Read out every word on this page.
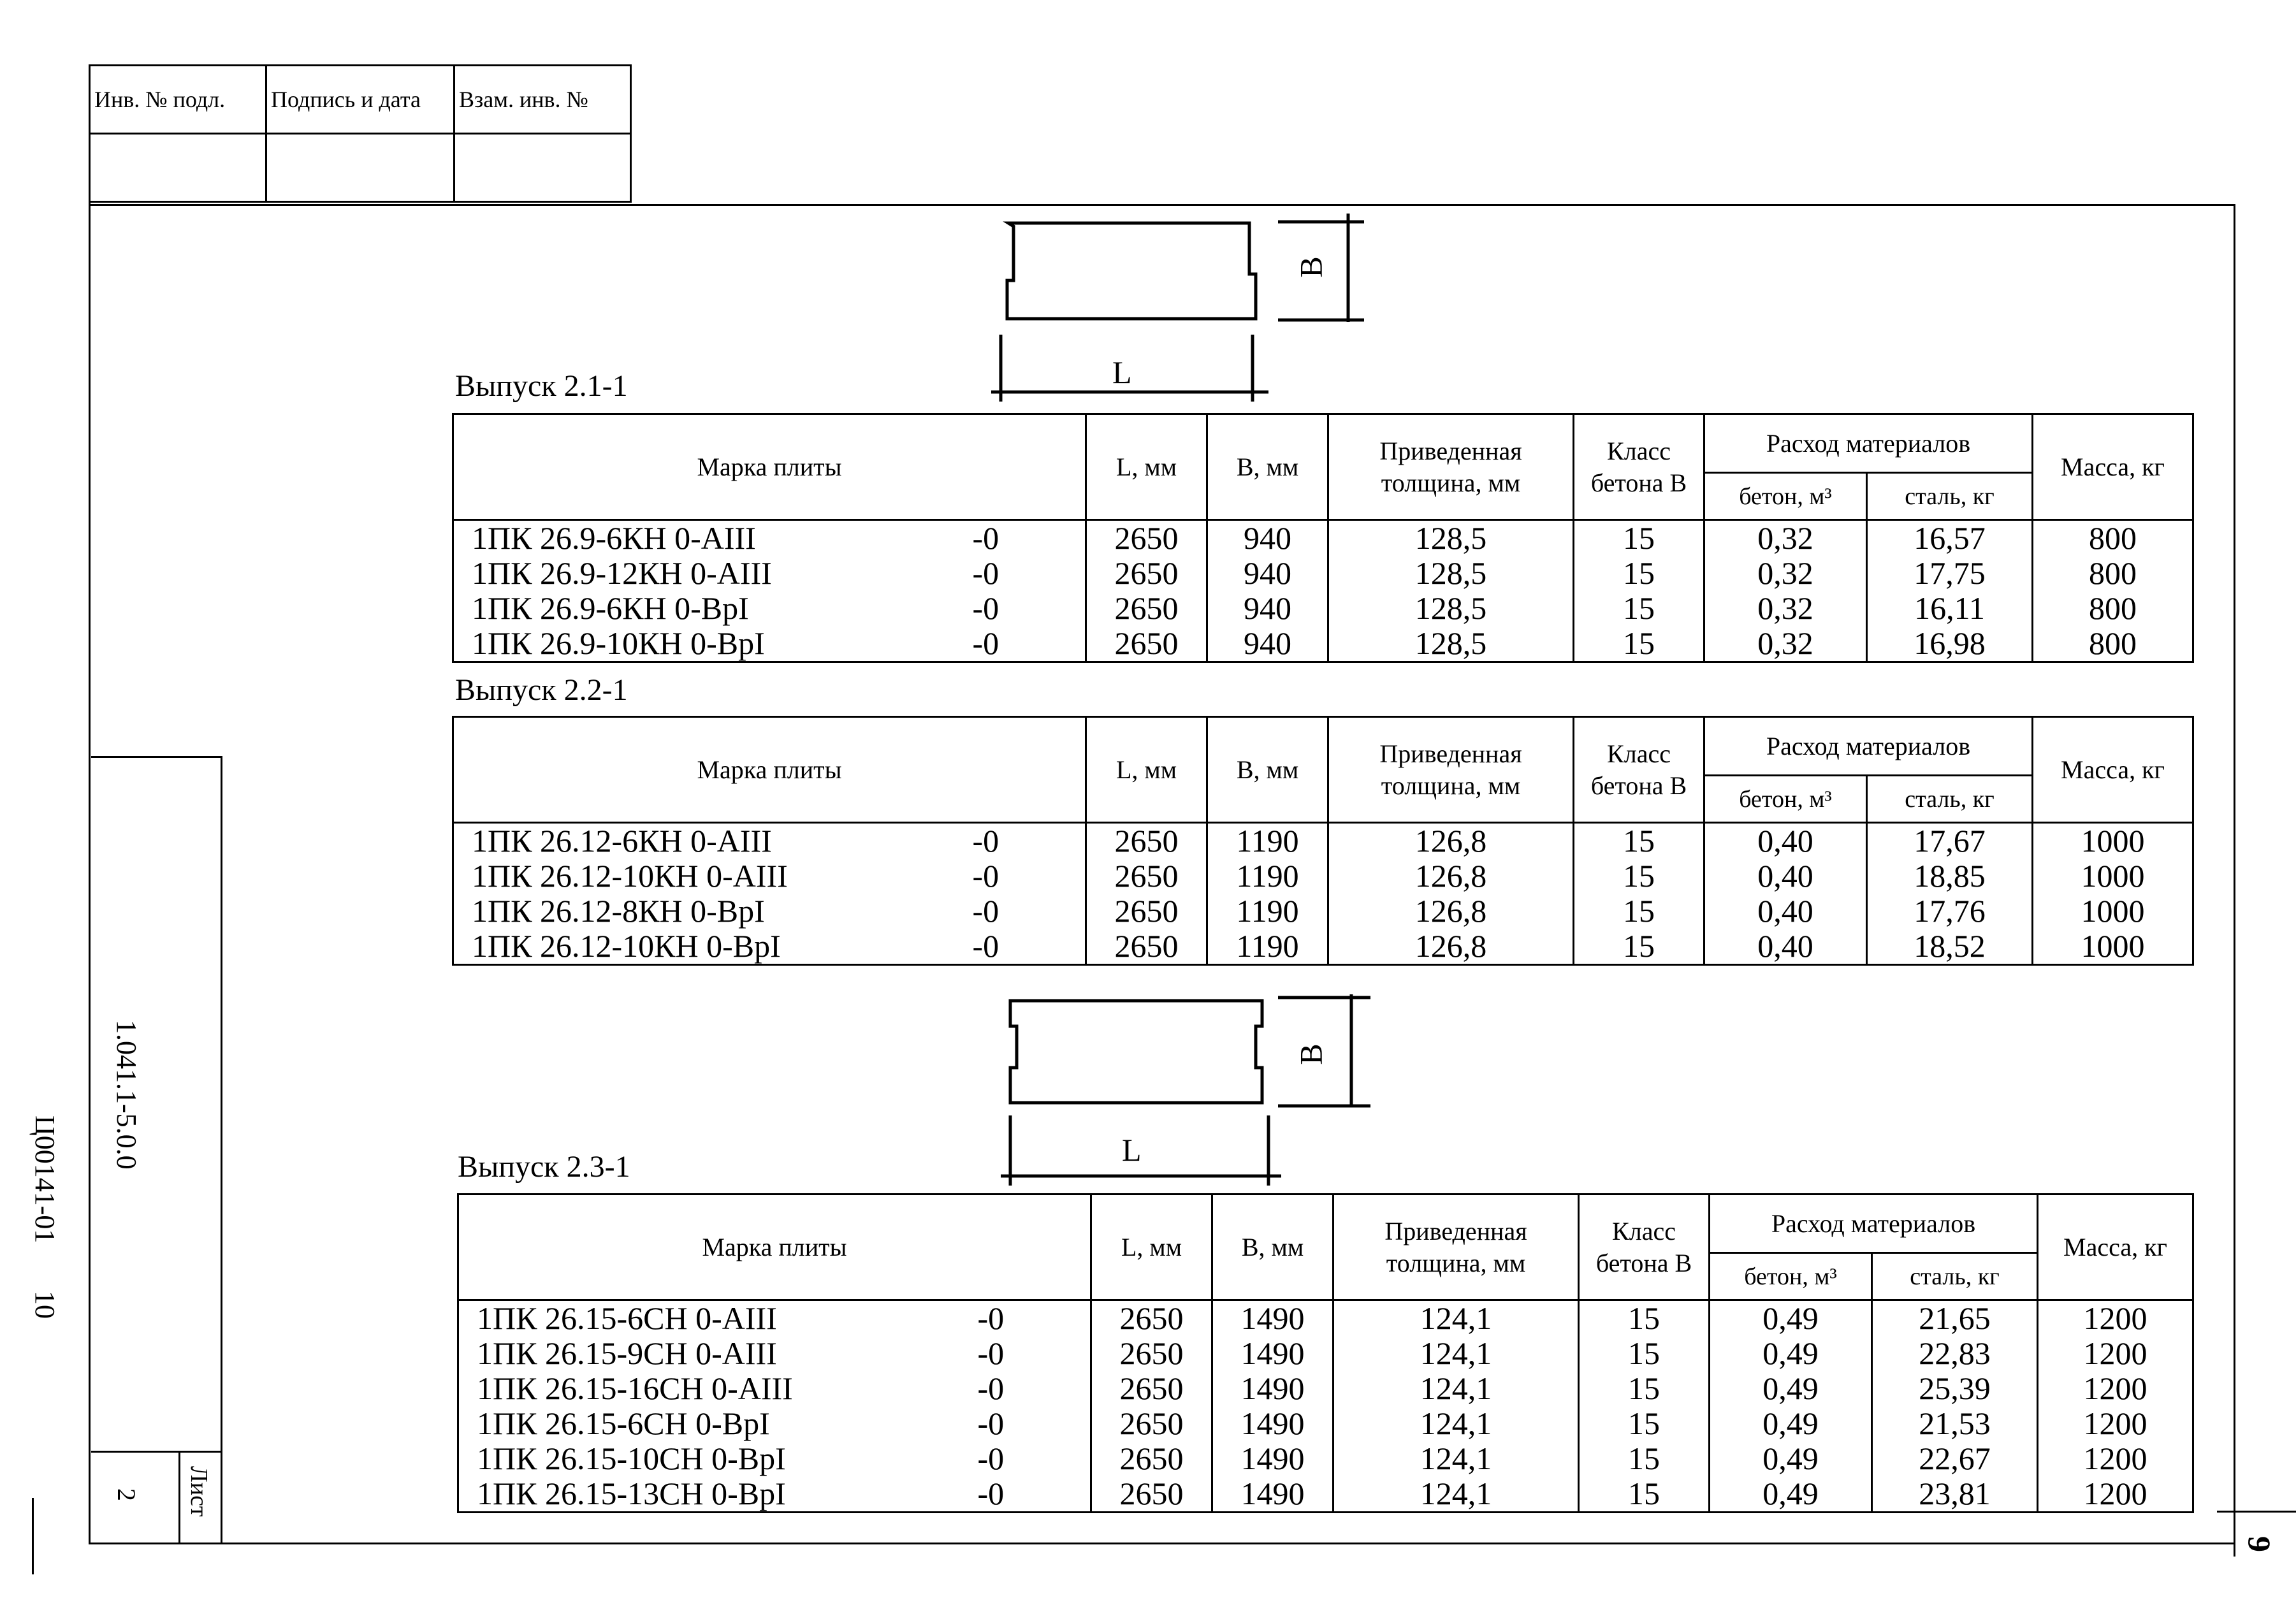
Инв. № подл.	Подпись и дата	Взам. инв. №

1.041.1-5.0.0
Ц00141-01
10
Лист
2
9
B
L
B
L
Выпуск 2.1-1
Выпуск 2.2-1
Выпуск 2.3-1
Марка плиты		L, мм	B, мм	Приведенная толщина, мм	Класс бетона В	Расход материалов		Масса, кг
						бетон, м³	сталь, кг	
1ПК 26.9-6КН 0-AIII	-0	2650	940	128,5	15	0,32	16,57	800
1ПК 26.9-12КН 0-AIII	-0	2650	940	128,5	15	0,32	17,75	800
1ПК 26.9-6КН 0-BpI	-0	2650	940	128,5	15	0,32	16,11	800
1ПК 26.9-10КН 0-BpI	-0	2650	940	128,5	15	0,32	16,98	800
Марка плиты		L, мм	B, мм	Приведенная толщина, мм	Класс бетона В	Расход материалов		Масса, кг
						бетон, м³	сталь, кг	
1ПК 26.12-6КН 0-AIII	-0	2650	1190	126,8	15	0,40	17,67	1000
1ПК 26.12-10КН 0-AIII	-0	2650	1190	126,8	15	0,40	18,85	1000
1ПК 26.12-8КН 0-BpI	-0	2650	1190	126,8	15	0,40	17,76	1000
1ПК 26.12-10КН 0-BpI	-0	2650	1190	126,8	15	0,40	18,52	1000
Марка плиты		L, мм	B, мм	Приведенная толщина, мм	Класс бетона В	Расход материалов		Масса, кг
						бетон, м³	сталь, кг	
1ПК 26.15-6СН 0-AIII	-0	2650	1490	124,1	15	0,49	21,65	1200
1ПК 26.15-9СН 0-AIII	-0	2650	1490	124,1	15	0,49	22,83	1200
1ПК 26.15-16СН 0-AIII	-0	2650	1490	124,1	15	0,49	25,39	1200
1ПК 26.15-6СН 0-BpI	-0	2650	1490	124,1	15	0,49	21,53	1200
1ПК 26.15-10СН 0-BpI	-0	2650	1490	124,1	15	0,49	22,67	1200
1ПК 26.15-13СН 0-BpI	-0	2650	1490	124,1	15	0,49	23,81	1200
